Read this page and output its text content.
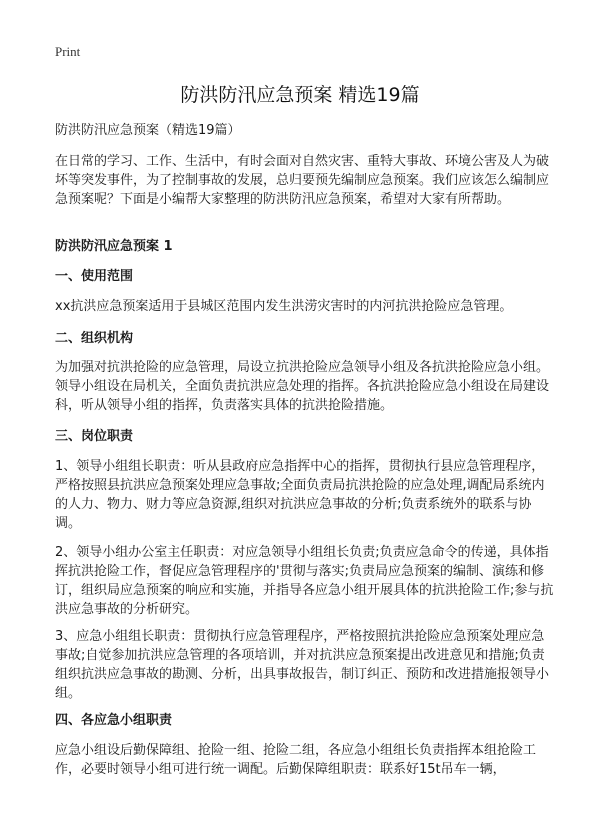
Print
防洪防汛应急预案 精选19篇
防洪防汛应急预案（精选19篇）

在日常的学习、工作、生活中，有时会面对自然灾害、重特大事故、环境公害及人为破坏等突发事件，为了控制事故的发展，总归要预先编制应急预案。我们应该怎么编制应急预案呢？下面是小编帮大家整理的防洪防汛应急预案，希望对大家有所帮助。

防洪防汛应急预案 1

一、使用范围

xx抗洪应急预案适用于县城区范围内发生洪涝灾害时的内河抗洪抢险应急管理。

二、组织机构

为加强对抗洪抢险的应急管理，局设立抗洪抢险应急领导小组及各抗洪抢险应急小组。领导小组设在局机关，全面负责抗洪应急处理的指挥。各抗洪抢险应急小组设在局建设科，听从领导小组的指挥，负责落实具体的抗洪抢险措施。

三、岗位职责

1、领导小组组长职责：听从县政府应急指挥中心的指挥，贯彻执行县应急管理程序，严格按照县抗洪应急预案处理应急事故;全面负责局抗洪抢险的应急处理,调配局系统内的人力、物力、财力等应急资源,组织对抗洪应急事故的分析;负责系统外的联系与协调。

2、领导小组办公室主任职责：对应急领导小组组长负责;负责应急命令的传递，具体指挥抗洪抢险工作，督促应急管理程序的'贯彻与落实;负责局应急预案的编制、演练和修订，组织局应急预案的响应和实施，并指导各应急小组开展具体的抗洪抢险工作;参与抗洪应急事故的分析研究。

3、应急小组组长职责：贯彻执行应急管理程序，严格按照抗洪抢险应急预案处理应急事故;自觉参加抗洪应急管理的各项培训，并对抗洪应急预案提出改进意见和措施;负责组织抗洪应急事故的勘测、分析，出具事故报告，制订纠正、预防和改进措施报领导小组。

四、各应急小组职责

应急小组设后勤保障组、抢险一组、抢险二组，各应急小组组长负责指挥本组抢险工作，必要时领导小组可进行统一调配。后勤保障组职责：联系好15t吊车一辆，
